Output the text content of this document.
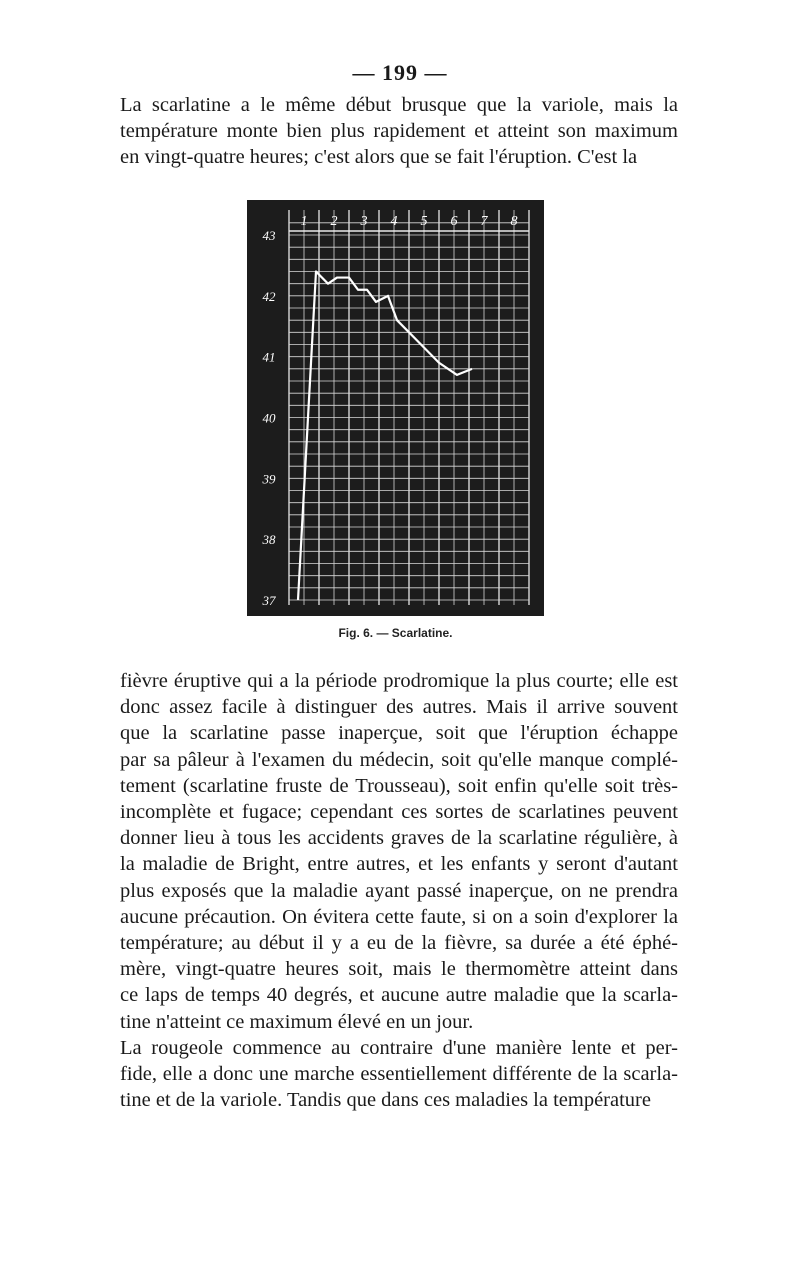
— 199 —
La scarlatine a le même début brusque que la variole, mais la
température monte bien plus rapidement et atteint son maximum
en vingt-quatre heures; c'est alors que se fait l'éruption. C'est la
1 2 3 4 5 6 7 8
43
42
41
40
39
38
37
Fig. 6. — Scarlatine.
fièvre éruptive qui a la période prodromique la plus courte; elle est
donc assez facile à distinguer des autres. Mais il arrive souvent
que la scarlatine passe inaperçue, soit que l'éruption échappe
par sa pâleur à l'examen du médecin, soit qu'elle manque complé-
tement (scarlatine fruste de Trousseau), soit enfin qu'elle soit très-
incomplète et fugace; cependant ces sortes de scarlatines peuvent
donner lieu à tous les accidents graves de la scarlatine régulière, à
la maladie de Bright, entre autres, et les enfants y seront d'autant
plus exposés que la maladie ayant passé inaperçue, on ne prendra
aucune précaution. On évitera cette faute, si on a soin d'explorer la
température; au début il y a eu de la fièvre, sa durée a été éphé-
mère, vingt-quatre heures soit, mais le thermomètre atteint dans
ce laps de temps 40 degrés, et aucune autre maladie que la scarla-
tine n'atteint ce maximum élevé en un jour.
La rougeole commence au contraire d'une manière lente et per-
fide, elle a donc une marche essentiellement différente de la scarla-
tine et de la variole. Tandis que dans ces maladies la température
